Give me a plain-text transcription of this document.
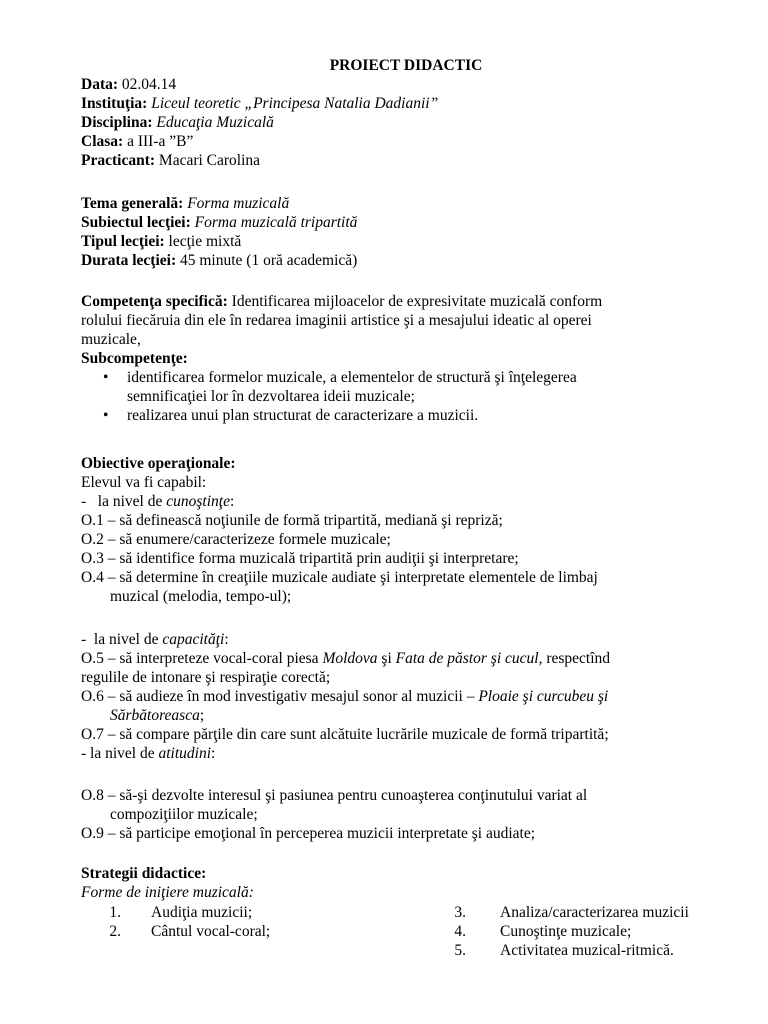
PROIECT DIDACTIC
Data: 02.04.14
Instituţia: Liceul teoretic „Principesa Natalia Dadianii”
Disciplina: Educaţia Muzicală
Clasa: a III-a ”B”
Practicant: Macari Carolina
Tema generală: Forma muzicală
Subiectul lecţiei: Forma muzicală tripartită
Tipul lecţiei: lecţie mixtă
Durata lecţiei: 45 minute (1 oră academică)
Competenţa specifică: Identificarea mijloacelor de expresivitate muzicală conform
rolului fiecăruia din ele în redarea imaginii artistice şi a mesajului ideatic al operei
muzicale,
Subcompetenţe:
• identificarea formelor muzicale, a elementelor de structură şi înţelegerea
semnificaţiei lor în dezvoltarea ideii muzicale;
• realizarea unui plan structurat de caracterizare a muzicii.
Obiective operaţionale:
Elevul va fi capabil:
-   la nivel de cunoştinţe:
O.1 – să definească noţiunile de formă tripartită, mediană şi repriză;
O.2 – să enumere/caracterizeze formele muzicale;
O.3 – să identifice forma muzicală tripartită prin audiţii şi interpretare;
O.4 – să determine în creaţiile muzicale audiate şi interpretate elementele de limbaj
muzical (melodia, tempo-ul);
-  la nivel de capacităţi:
O.5 – să interpreteze vocal-coral piesa Moldova şi Fata de păstor şi cucul, respectînd
regulile de intonare şi respiraţie corectă;
O.6 – să audieze în mod investigativ mesajul sonor al muzicii – Ploaie şi curcubeu şi
Sărbătoreasca;
O.7 – să compare părţile din care sunt alcătuite lucrările muzicale de formă tripartită;
- la nivel de atitudini:
O.8 – să-şi dezvolte interesul şi pasiunea pentru cunoaşterea conţinutului variat al
compoziţiilor muzicale;
O.9 – să participe emoţional în perceperea muzicii interpretate şi audiate;
Strategii didactice:
Forme de iniţiere muzicală:
1. Audiţia muzicii;
2. Cântul vocal-coral;
3. Analiza/caracterizarea muzicii
4. Cunoştinţe muzicale;
5. Activitatea muzical-ritmică.
